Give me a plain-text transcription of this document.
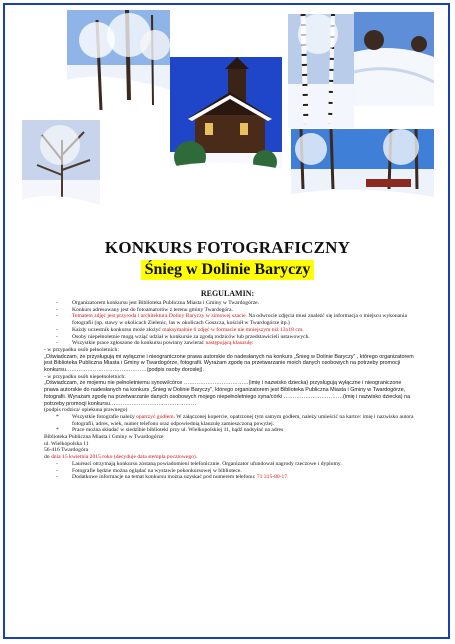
KONKURS FOTOGRAFICZNY
Śnieg w Dolinie Baryczy
REGULAMIN:
- Organizatorem konkursu jest Biblioteka Publiczna Miasta i Gminy w Twardogórze.
- Konkurs adresowany jest do fotoamatorów z terenu gminy Twardogóra.
- Tematem zdjęć jest przyroda i architektura Doliny Baryczy w zimowej szacie. Na odwrocie zdjęcia musi znaleźć się informacja o miejscu wykonania fotografii (np. stawy w okolicach Zielenic, las w okolicach Goszcza, kościół w Twardogórze itp.)
- Każdy uczestnik konkursu może złożyć maksymalnie 6 zdjęć w formacie nie mniejszym niż 13x18 cm.
- Osoby niepełnoletnie mogą wziąć udział w konkursie za zgodą rodziców lub przedstawicieli ustawowych.
- Wszystkie prace zgłoszone do konkursu powinny zawierać następującą klauzulę:
- w przypadku osób pełnoletnich:
„Oświadczam, że przysługują mi wyłączne i nieograniczone prawa autorskie do nadesłanych na konkurs „Śnieg w Dolinie Baryczy” , którego organizatorem jest Biblioteka Publiczna Miasta i Gminy w Twardogórze, fotografii. Wyrażam zgodę na przetwarzanie moich danych osobowych na potrzeby promocji konkursu………………………………………(podpis osoby dorosłej).
- w przypadku osób niepełnoletnich:
„Oświadczam, że mojemu nie pełnoletniemu synowi/córce ………………………………(imię i nazwisko dziecka) przysługują wyłączne i nieograniczone prawa autorskie do nadesłanych na konkurs „Śnieg w Dolinie Baryczy”, którego organizatorem jest Biblioteka Publiczna Miasta i Gminy w Twardogórze, fotografii. Wyrażam zgodę na przetwarzanie danych osobowych mojego niepełnoletniego syna/córki ……………………………(imię i nazwisko dziecka) na potrzeby promocji konkursu…………………………………………
(podpis rodzica/ opiekuna prawnego)
* Wszystkie fotografie należy opatrzyć godłem. W załączonej kopercie, opatrzonej tym samym godłem, należy umieścić na kartce: imię i nazwisko autora fotografii, adres, wiek, numer telefonu oraz odpowiednią klauzulę zamieszczoną powyżej.
* Prace można składać w siedzibie biblioteki przy ul. Wielkopolskiej 11, bądź nadsyłać na adres
Biblioteka Publiczna Miasta i Gminy w Twardogórze
ul. Wielkopolska 11
56-416 Twardogóra
do dnia 15 kwietnia 2015 roku (decyduje data stempla pocztowego).
- Laureaci otrzymają konkursu zostaną powiadomieni telefonicznie. Organizator ufundował nagrody rzeczowe i dyplomy.
- Fotografie będzie można oglądać na wystawie pokonkursowej w bibliotece.
- Dodatkowe informacje na temat konkursu można uzyskać pod numerem telefonu: 71 315-80-17.
